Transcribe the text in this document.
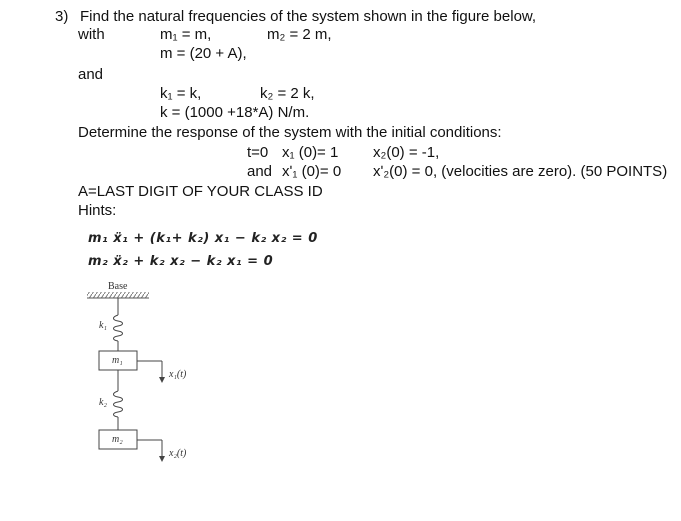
3) Find the natural frequencies of the system shown in the figure below,
with	m₁ = m,	m₂ = 2 m,
m = (20 + A),
and
k₁ = k,	k₂ = 2 k,
k = (1000 +18*A) N/m.
Determine the response of the system with the initial conditions:
t=0 x₁ (0)= 1 x₂(0) = -1,
and xʹ₁ (0)= 0 xʹ₂(0) = 0, (velocities are zero). (50 POINTS)
A=LAST DIGIT OF YOUR CLASS ID
Hints:
m₁ ẍ₁ + (k₁+ k₂) x₁ − k₂ x₂ = 0
m₂ ẍ₂ + k₂ x₂ − k₂ x₁ = 0
Base
k₁
m₁
x₁(t)
k₂
m₂
x₂(t)
